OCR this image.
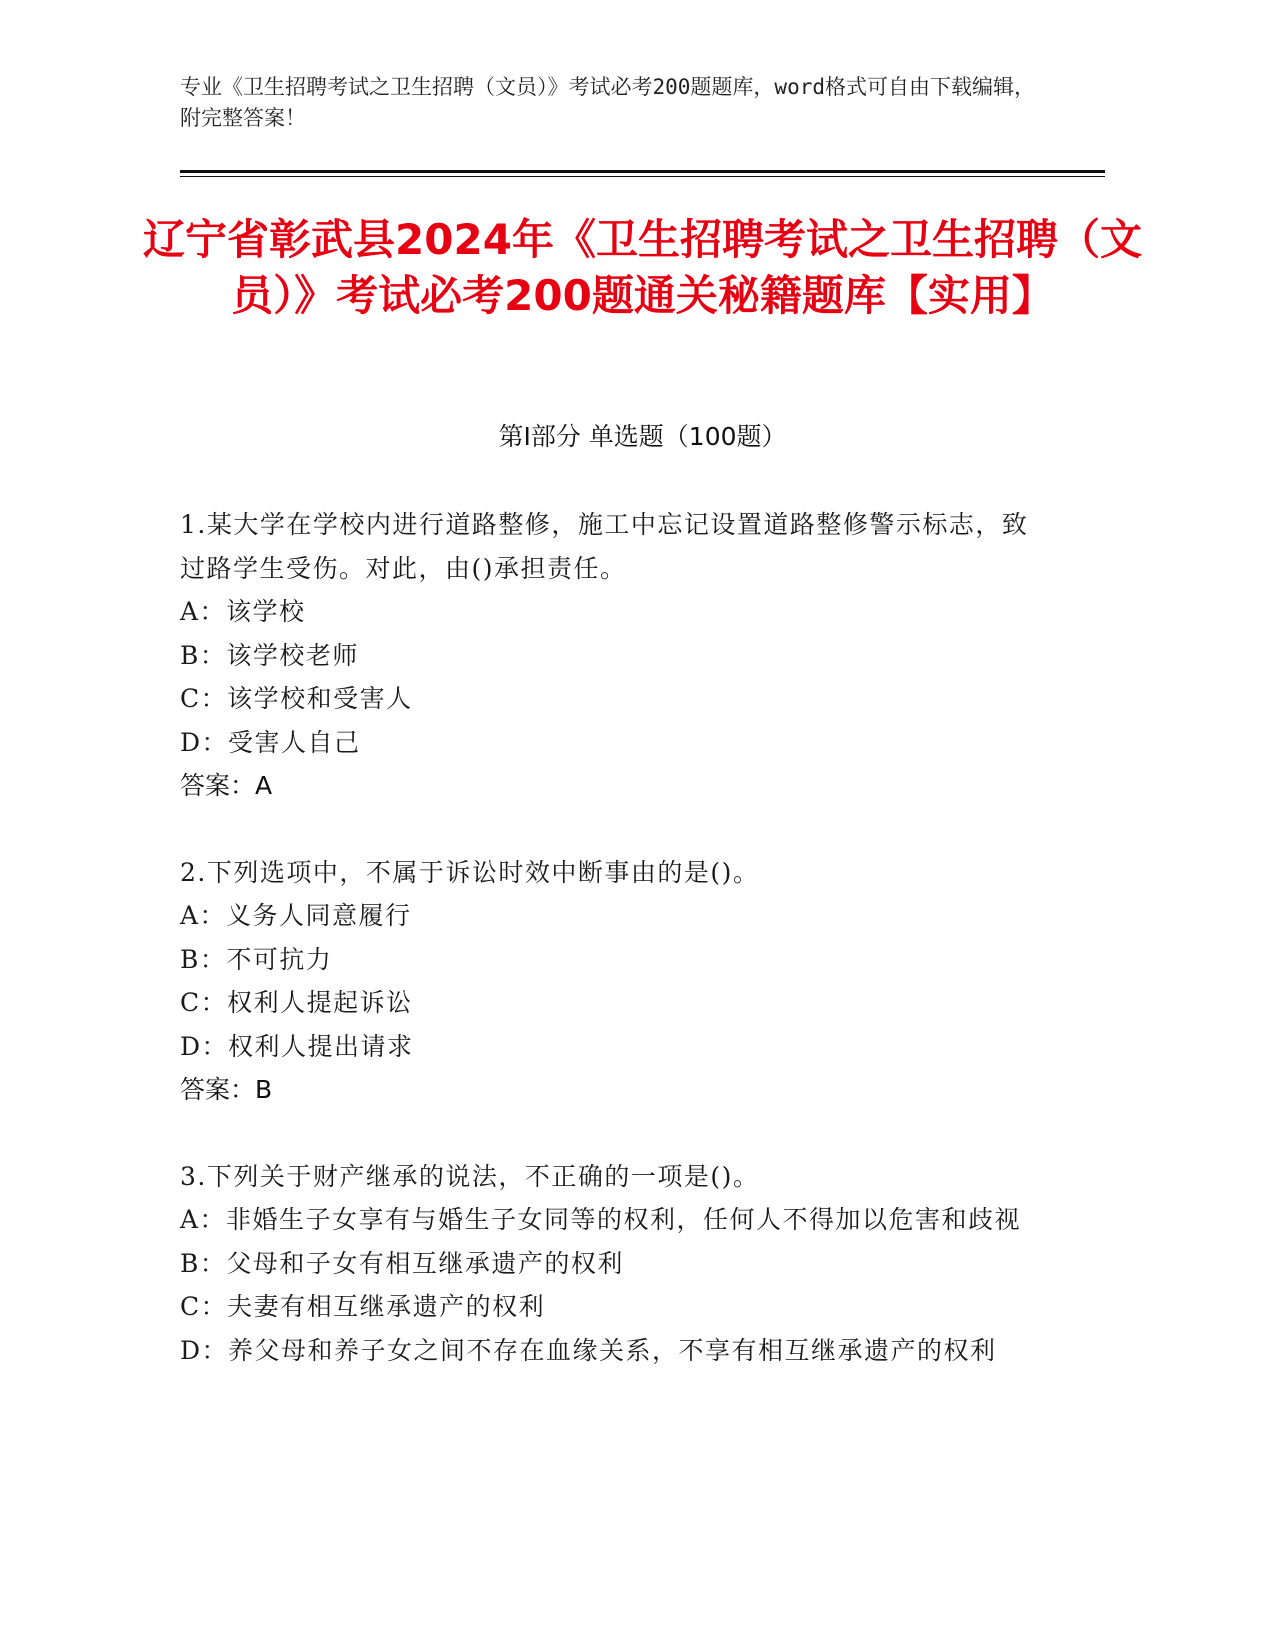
专业《卫生招聘考试之卫生招聘（文员）》考试必考200题题库，word格式可自由下载编辑，附完整答案！
辽宁省彰武县2024年《卫生招聘考试之卫生招聘（文员）》考试必考200题通关秘籍题库【实用】
第Ⅰ部分 单选题（100题）

1.某大学在学校内进行道路整修，施工中忘记设置道路整修警示标志，致过路学生受伤。对此，由()承担责任。

A：该学校

B：该学校老师

C：该学校和受害人

D：受害人自己

答案：A

2.下列选项中，不属于诉讼时效中断事由的是()。

A：义务人同意履行

B：不可抗力

C：权利人提起诉讼

D：权利人提出请求

答案：B

3.下列关于财产继承的说法，不正确的一项是()。

A：非婚生子女享有与婚生子女同等的权利，任何人不得加以危害和歧视

B：父母和子女有相互继承遗产的权利

C：夫妻有相互继承遗产的权利

D：养父母和养子女之间不存在血缘关系，不享有相互继承遗产的权利
